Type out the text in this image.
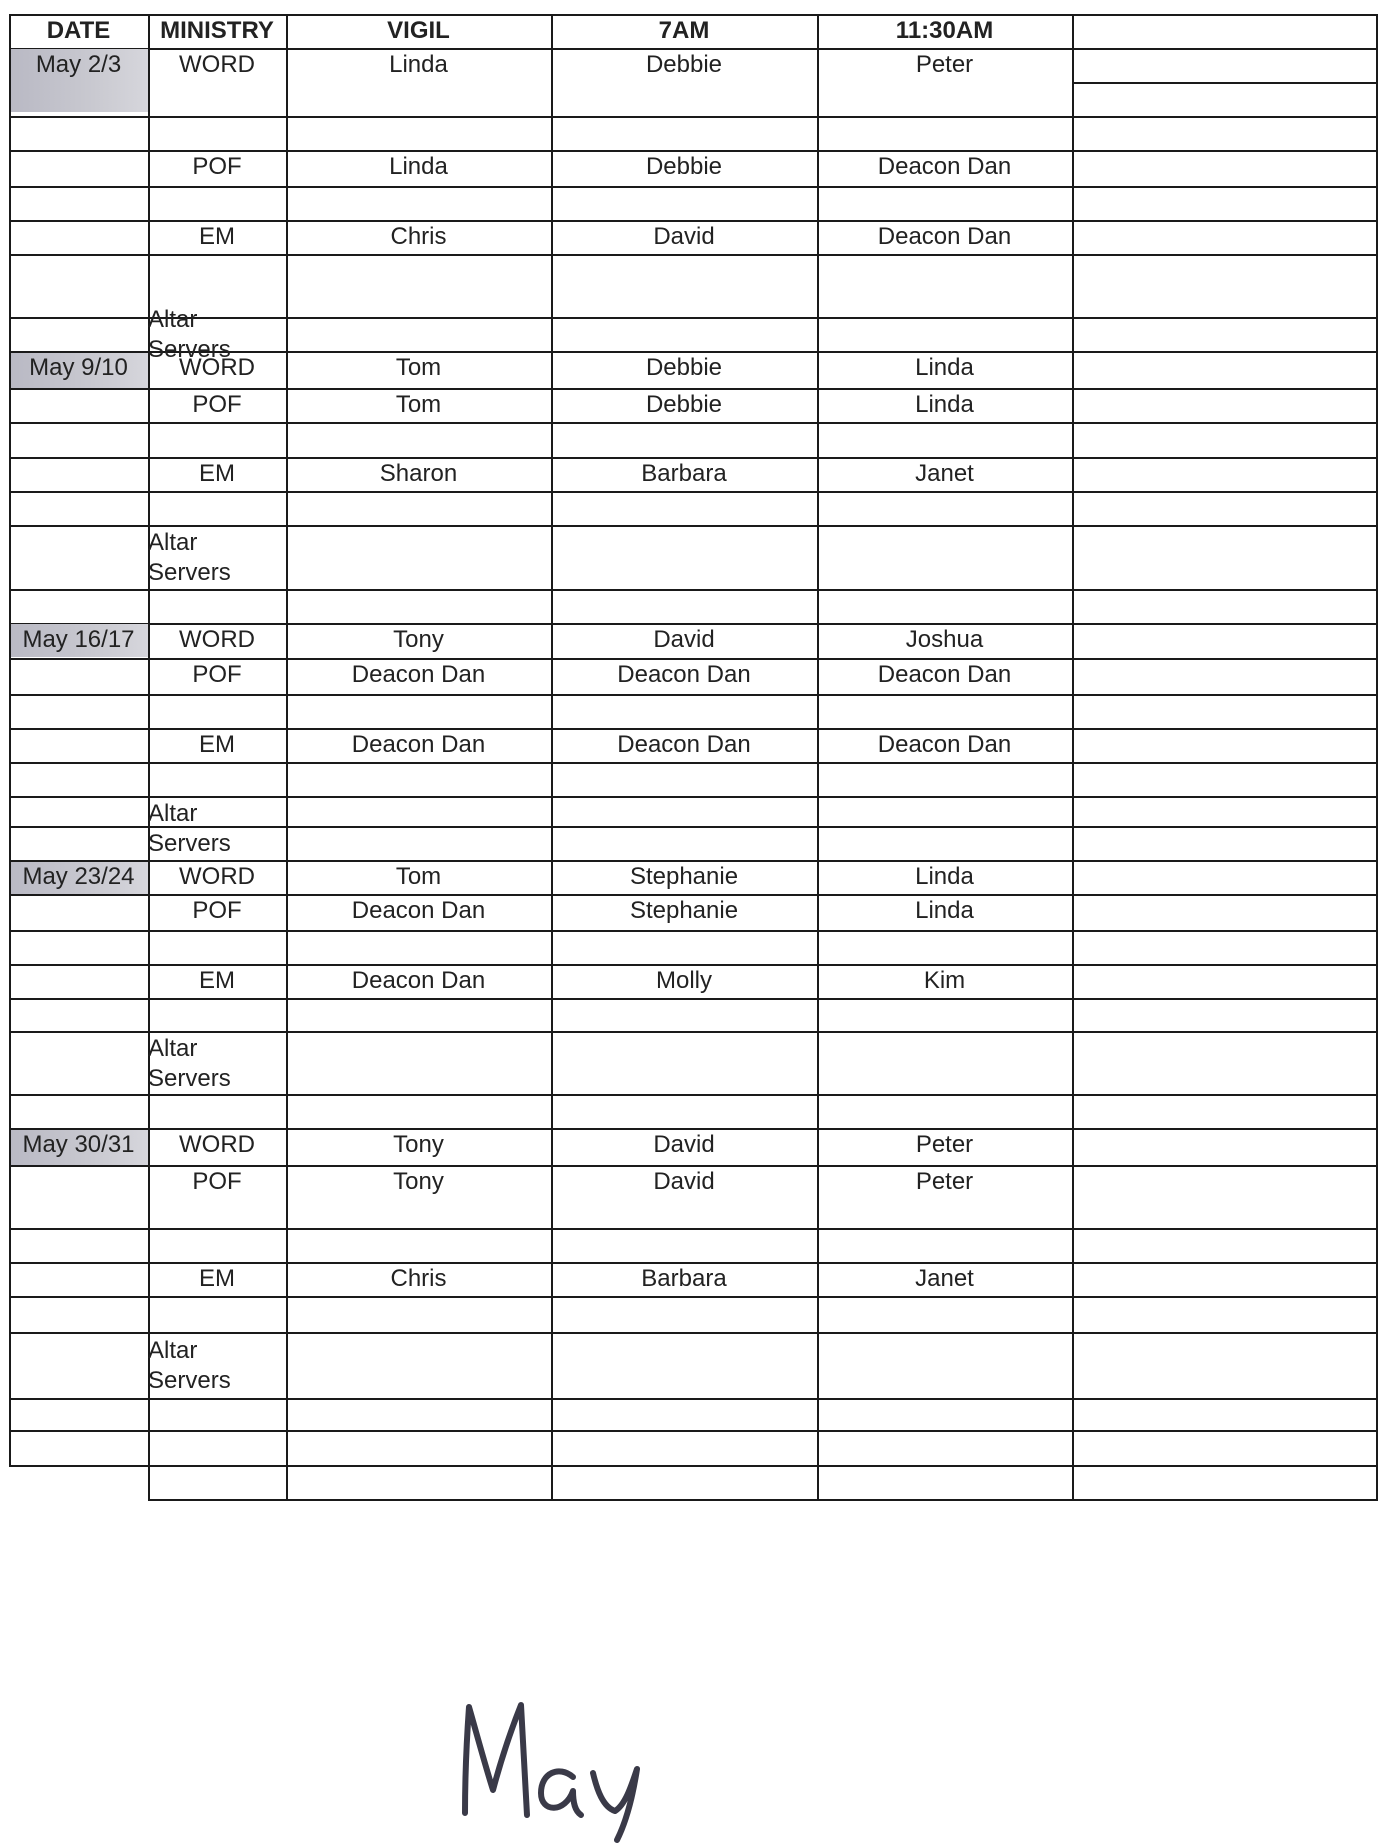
DATE	MINISTRY	VIGIL	7AM	11:30AM
May 2/3	WORD	Linda	Debbie	Peter
POF	Linda	Debbie	Deacon Dan
EM	Chris	David	Deacon Dan
Altar
Servers
May 9/10	WORD	Tom	Debbie	Linda
POF	Tom	Debbie	Linda
EM	Sharon	Barbara	Janet
Altar
Servers
May 16/17	WORD	Tony	David	Joshua
POF	Deacon Dan	Deacon Dan	Deacon Dan
EM	Deacon Dan	Deacon Dan	Deacon Dan
Altar
Servers
May 23/24	WORD	Tom	Stephanie	Linda
POF	Deacon Dan	Stephanie	Linda
EM	Deacon Dan	Molly	Kim
Altar
Servers
May 30/31	WORD	Tony	David	Peter
POF	Tony	David	Peter
EM	Chris	Barbara	Janet
Altar
Servers
